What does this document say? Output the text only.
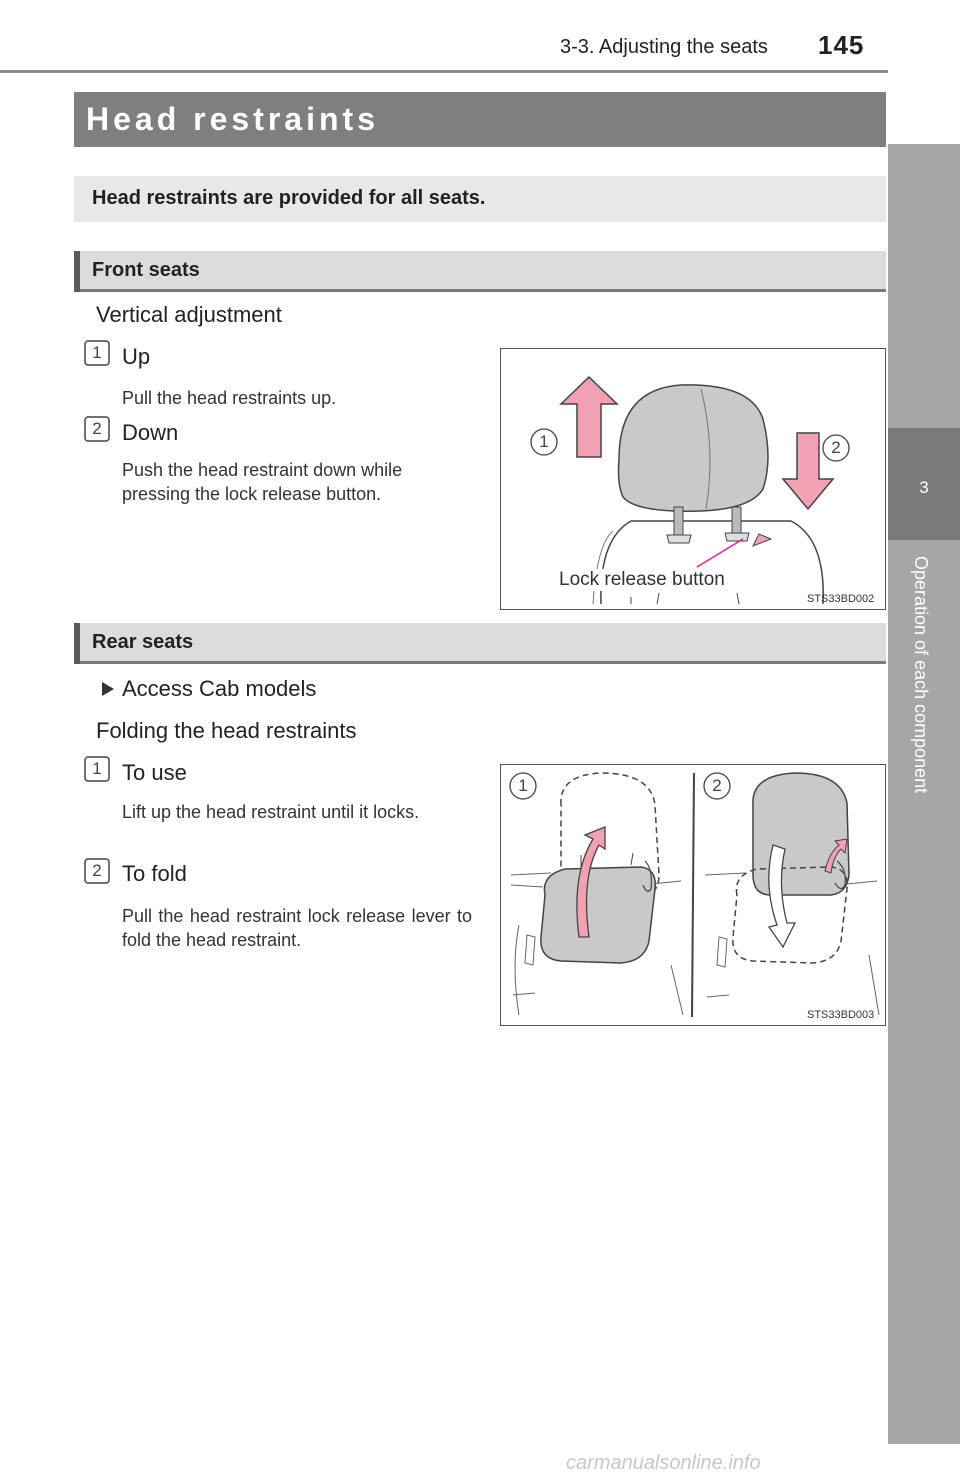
3-3. Adjusting the seats 145
3
Operation of each component
Head restraints
Head restraints are provided for all seats.
Front seats
Vertical adjustment
1 Up
Pull the head restraints up.
2 Down
Push the head restraint down while pressing the lock release button.
1	2
Lock release button
STS33BD002
Rear seats
Access Cab models
Folding the head restraints
1 To use
Lift up the head restraint until it locks.
2 To fold
Pull the head restraint lock release lever to fold the head restraint.
1	2
STS33BD003
carmanualsonline.info
